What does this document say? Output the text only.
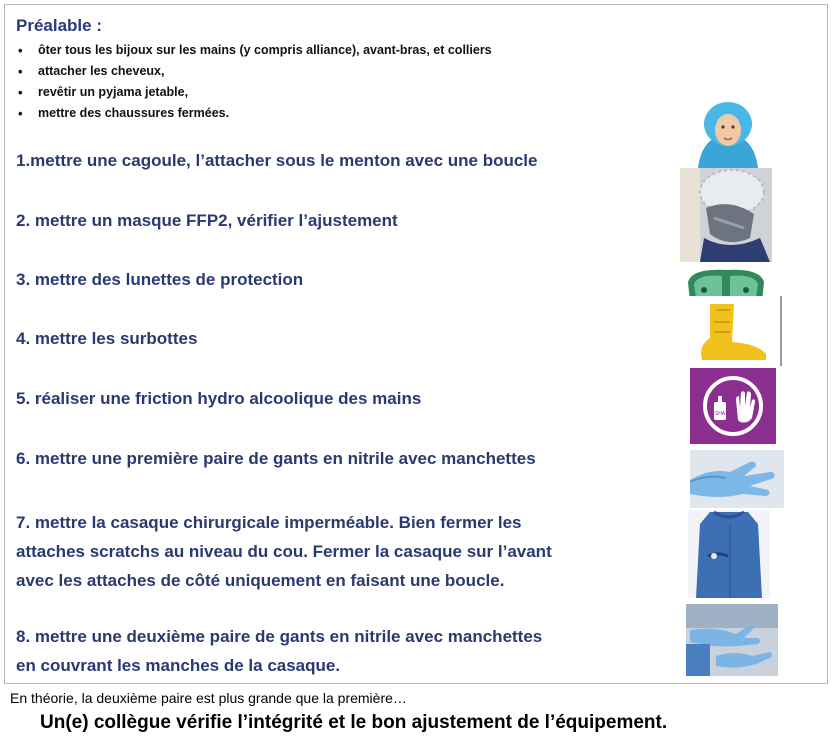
Préalable :
• ôter tous les bijoux sur les mains (y compris alliance), avant-bras, et colliers
• attacher les cheveux,
• revêtir un pyjama jetable,
• mettre des chaussures fermées.
1.mettre une cagoule, l’attacher sous le menton avec une boucle
2. mettre un masque FFP2, vérifier l’ajustement
3. mettre des lunettes de protection
4. mettre les surbottes
5. réaliser une friction hydro alcoolique des mains
6. mettre une première paire de gants en nitrile avec manchettes
7. mettre la casaque chirurgicale imperméable. Bien fermer les
attaches scratchs au niveau du cou. Fermer la casaque sur l’avant
avec les attaches de côté uniquement en faisant une boucle.
8. mettre une deuxième paire de gants en nitrile avec manchettes
en couvrant les manches de la casaque.
SHA
En théorie, la deuxième paire est plus grande que la première…
Un(e) collègue vérifie l’intégrité et le bon ajustement de l’équipement.
